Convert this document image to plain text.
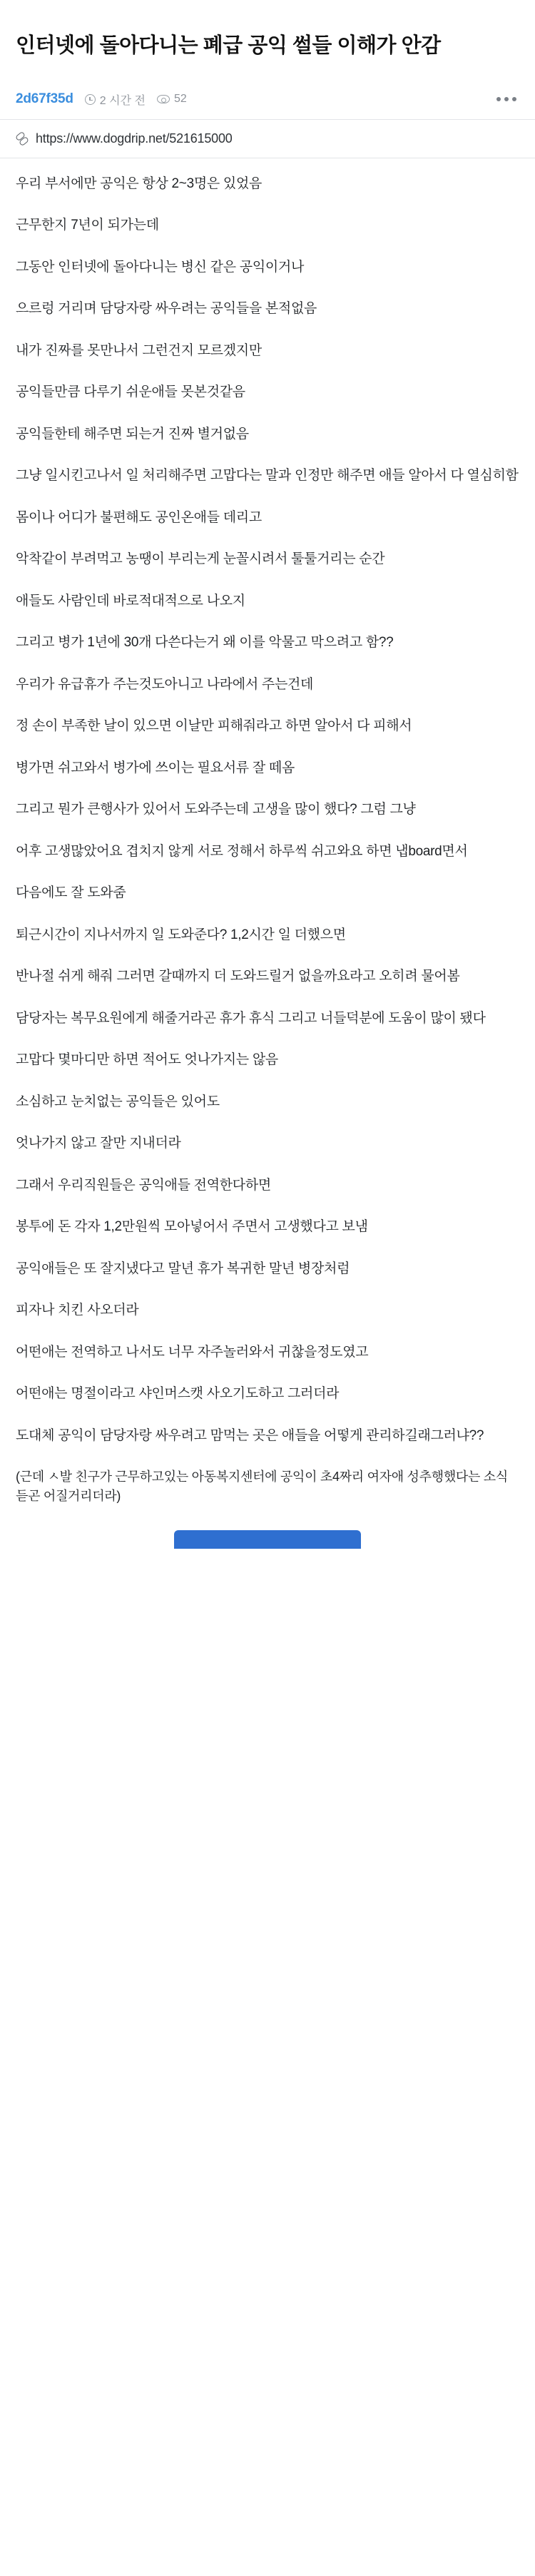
인터넷에 돌아다니는 폐급 공익 썰들 이해가 안감
2d67f35d 2 시간 전	52
https://www.dogdrip.net/521615000

우리 부서에만 공익은 항상 2~3명은 있었음

근무한지 7년이 되가는데

그동안 인터넷에 돌아다니는 병신 같은 공익이거나

으르렁 거리며 담당자랑 싸우려는 공익들을 본적없음

내가 진짜를 못만나서 그런건지 모르겠지만

공익들만큼 다루기 쉬운애들 못본것같음

공익들한테 해주면 되는거 진짜 별거없음

그냥 일시킨고나서 일 처리해주면 고맙다는 말과 인정만 해주면 애들 알아서 다 열심히함

몸이나 어디가 불편해도 공인온애들 데리고

악착같이 부려먹고 농땡이 부리는게 눈꼴시려서 툴툴거리는 순간

애들도 사람인데 바로적대적으로 나오지

그리고 병가 1년에 30개 다쓴다는거 왜 이를 악물고 막으려고 함??

우리가 유급휴가 주는것도아니고 나라에서 주는건데

정 손이 부족한 날이 있으면 이날만 피해줘라고 하면 알아서 다 피해서

병가면 쉬고와서 병가에 쓰이는 필요서류 잘 떼옴

그리고 뭔가 큰행사가 있어서 도와주는데 고생을 많이 했다? 그럼 그냥

어후 고생많았어요 겹치지 않게 서로 정해서 하루씩 쉬고와요 하면 냅board면서

다음에도 잘 도와줌

퇴근시간이 지나서까지 일 도와준다? 1,2시간 일 더했으면

반나절 쉬게 해줘 그러면 갈때까지 더 도와드릴거 없을까요라고 오히려 물어봄

담당자는 복무요원에게 해줄거라곤 휴가 휴식 그리고 너들덕분에 도움이 많이 됐다

고맙다 몇마디만 하면 적어도 엇나가지는 않음

소심하고 눈치없는 공익들은 있어도

엇나가지 않고 잘만 지내더라

그래서 우리직원들은 공익애들 전역한다하면

봉투에 돈 각자 1,2만원씩 모아넣어서 주면서 고생했다고 보냄

공익애들은 또 잘지냈다고 말년 휴가 복귀한 말년 병장처럼

피자나 치킨 사오더라

어떤애는 전역하고 나서도 너무 자주놀러와서 귀찮을정도였고

어떤애는 명절이라고 샤인머스캣 사오기도하고 그러더라

도대체 공익이 담당자랑 싸우려고 맘먹는 곳은 애들을 어떻게 관리하길래그러냐??

(근데 ㅅ발 친구가 근무하고있는 아동복지센터에 공익이 초4짜리 여자애 성추행했다는 소식 듣곤 어질거리더라)
